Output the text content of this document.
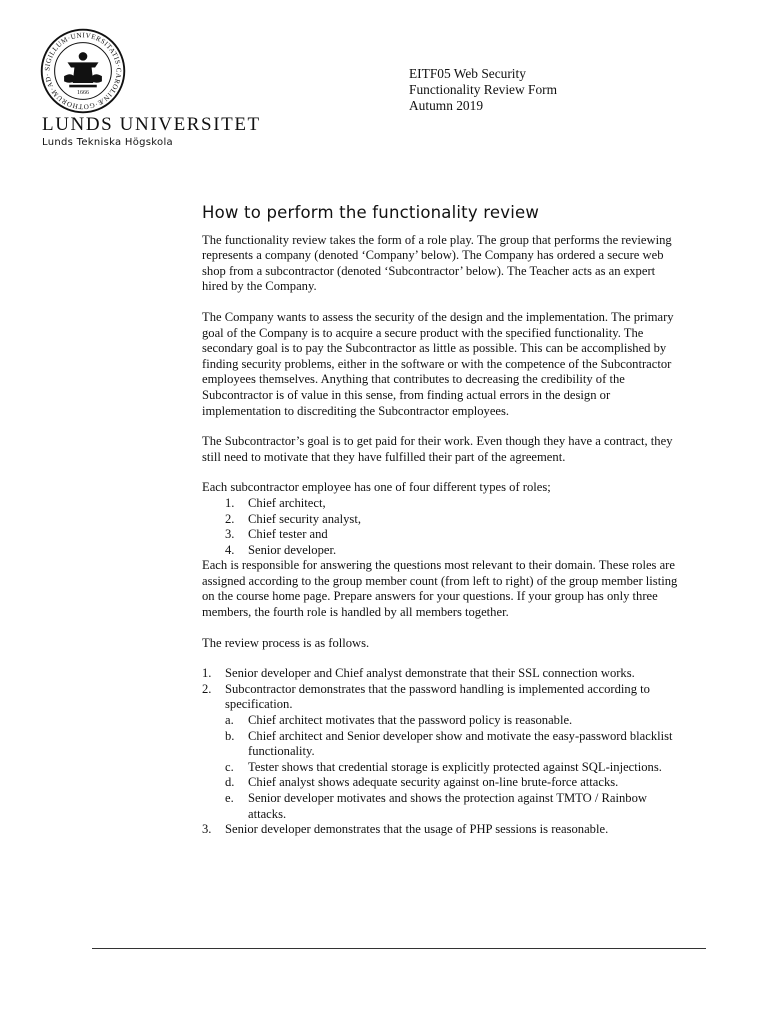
SIGILLUM·UNIVERSITATIS·CAROLINÆ·GOTHORUM·AD·
1666
LUNDS UNIVERSITET
Lunds Tekniska Högskola
EITF05 Web Security
Functionality Review Form
Autumn 2019
How to perform the functionality review

The functionality review takes the form of a role play. The group that performs the reviewing represents a company (denoted ‘Company’ below). The Company has ordered a secure web shop from a subcontractor (denoted ‘Subcontractor’ below). The Teacher acts as an expert hired by the Company.

The Company wants to assess the security of the design and the implementation. The primary goal of the Company is to acquire a secure product with the specified functionality. The secondary goal is to pay the Subcontractor as little as possible. This can be accomplished by finding security problems, either in the software or with the competence of the Subcontractor employees themselves. Anything that contributes to decreasing the credibility of the Subcontractor is of value in this sense, from finding actual errors in the design or implementation to discrediting the Subcontractor employees.

The Subcontractor’s goal is to get paid for their work. Even though they have a contract, they still need to motivate that they have fulfilled their part of the agreement.

Each subcontractor employee has one of four different types of roles;

1. Chief architect,
2. Chief security analyst,
3. Chief tester and
4. Senior developer.

Each is responsible for answering the questions most relevant to their domain. These roles are assigned according to the group member count (from left to right) of the group member listing on the course home page. Prepare answers for your questions. If your group has only three members, the fourth role is handled by all members together.

The review process is as follows.

1. Senior developer and Chief analyst demonstrate that their SSL connection works.
2. Subcontractor demonstrates that the password handling is implemented according to specification.
a. Chief architect motivates that the password policy is reasonable.
b. Chief architect and Senior developer show and motivate the easy-password blacklist functionality.
c. Tester shows that credential storage is explicitly protected against SQL-injections.
d. Chief analyst shows adequate security against on-line brute-force attacks.
e. Senior developer motivates and shows the protection against TMTO / Rainbow attacks.
3. Senior developer demonstrates that the usage of PHP sessions is reasonable.
